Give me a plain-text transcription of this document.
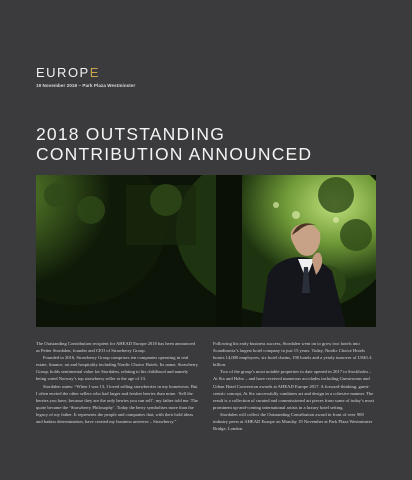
EUROPE
19 November 2018 – Park Plaza Westminster
2018 OUTSTANDING
CONTRIBUTION ANNOUNCED

The Outstanding Contribution recipient for AHEAD Europe 2018 has been announced as Petter Stordalen, founder and CEO of Strawberry Group.

Founded in 2016, Strawberry Group comprises ten companies operating in real estate, finance, art and hospitality including Nordic Choice Hotels. Its name, Strawberry Group, holds sentimental value for Stordalen, relating to his childhood and namely being voted Norway’s top strawberry seller at the age of 13.

Stordalen states: “When I was 13, I loved selling strawberries in my hometown. But I often envied the other sellers who had larger and fresher berries than mine. ‘Sell the berries you have, because they are the only berries you can sell’, my father told me. The quote became the ‘Strawberry Philosophy’. Today the berry symbolises more than the legacy of my father. It represents the people and companies that, with their bold ideas and badass determination, have created my business universe – Strawberry.”

Following his early business success, Stordalen went on to grow two hotels into Scandinavia’s largest hotel company in just 15 years. Today, Nordic Choice Hotels boasts 14,000 employees, six hotel chains, 190 hotels and a yearly turnover of US$1.4 billion.

Two of the group’s most notable properties to date opened in 2017 in Stockholm – At Six and Hobo – and have received numerous accolades including Guestrooms and Urban Hotel Conversion awards at AHEAD Europe 2017. A forward-thinking, guest-centric concept, At Six successfully combines art and design in a cohesive manner. The result is a collection of curated and commissioned art pieces from some of today’s most prominent up-and-coming international artists in a luxury hotel setting.

Stordalen will collect the Outstanding Contribution award in front of over 900 industry peers at AHEAD Europe on Monday 19 November at Park Plaza Westminster Bridge, London.
